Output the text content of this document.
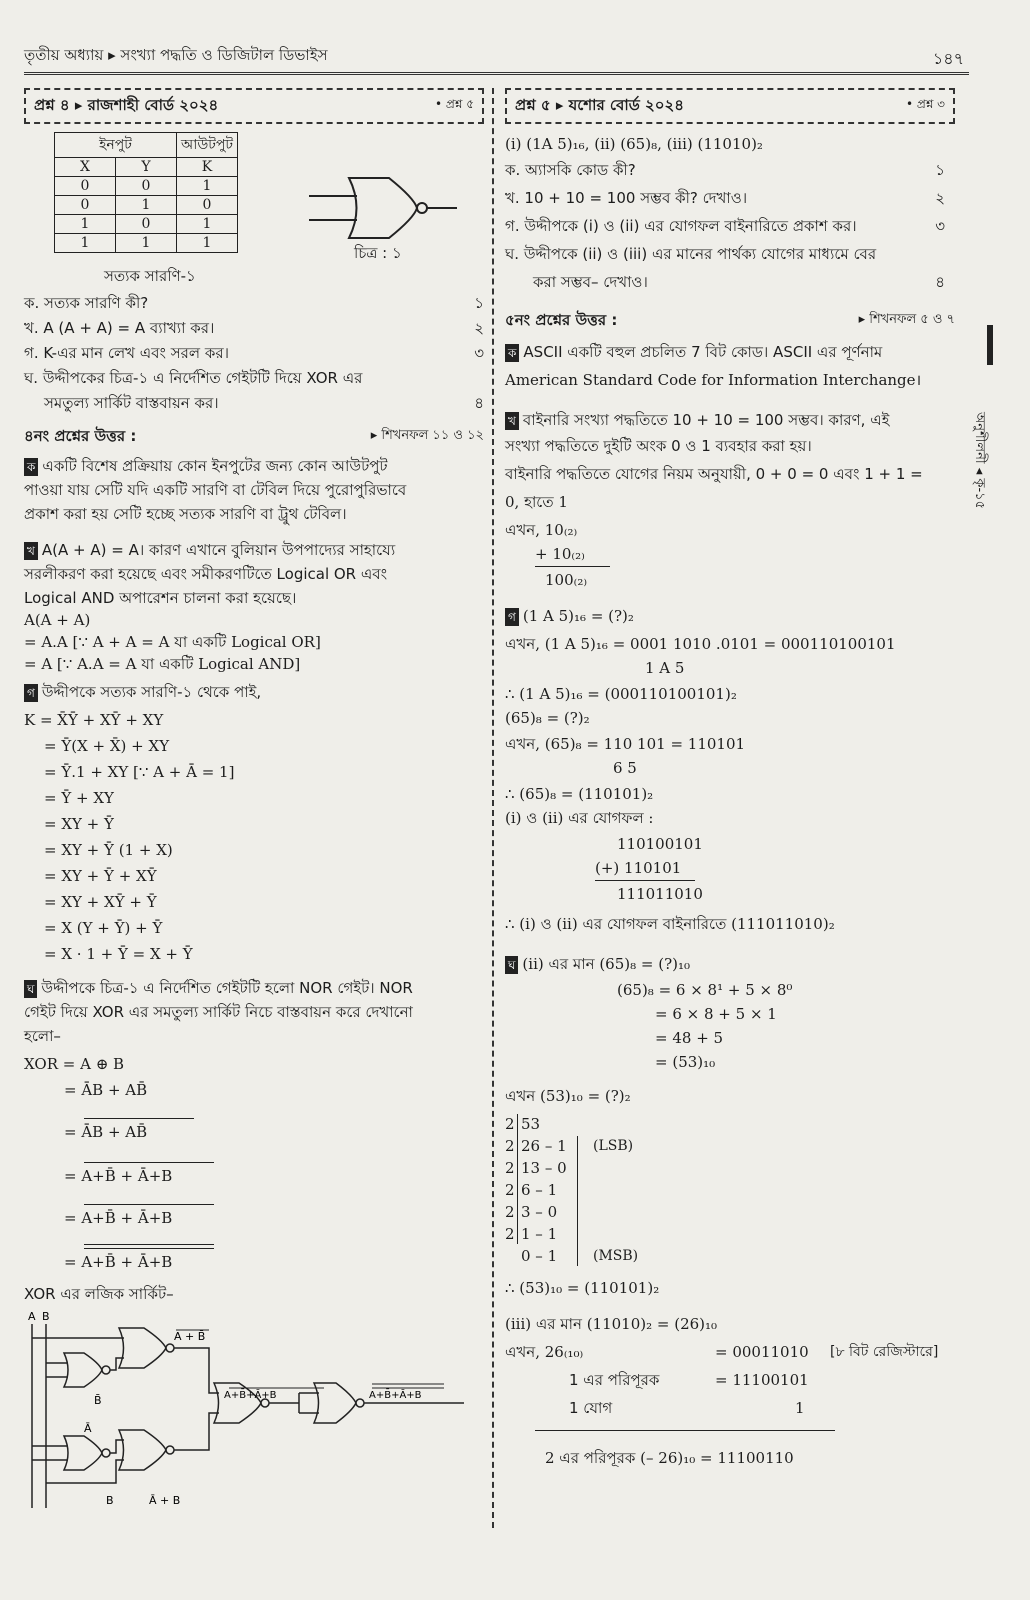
তৃতীয় অধ্যায় ▸ সংখ্যা পদ্ধতি ও ডিজিটাল ডিভাইস	১৪৭
অনুশীলনী ◂ কৃ-১৫
প্রশ্ন ৪ ▸ রাজশাহী বোর্ড ২০২৪	• প্রশ্ন ৫
ইনপুট		আউটপুট
X	Y	K
0	0	1
0	1	0
1	0	1
1	1	1
সত্যক সারণি-১
চিত্র : ১
ক. সত্যক সারণি কী?	১
খ. A (A + A) = A ব্যাখ্যা কর।	২
গ. K-এর মান লেখ এবং সরল কর।	৩
ঘ. উদ্দীপকের চিত্র-১ এ নির্দেশিত গেইটটি দিয়ে XOR এর
সমতুল্য সার্কিট বাস্তবায়ন কর।	৪
৪নং প্রশ্নের উত্তর :	▸ শিখনফল ১১ ও ১২
ক একটি বিশেষ প্রক্রিয়ায় কোন ইনপুটের জন্য কোন আউটপুট
পাওয়া যায় সেটি যদি একটি সারণি বা টেবিল দিয়ে পুরোপুরিভাবে
প্রকাশ করা হয় সেটি হচ্ছে সত্যক সারণি বা ট্রুথ টেবিল।
খ A(A + A) = A। কারণ এখানে বুলিয়ান উপপাদ্যের সাহায্যে
সরলীকরণ করা হয়েছে এবং সমীকরণটিতে Logical OR এবং
Logical AND অপারেশন চালনা করা হয়েছে।
A(A + A)
= A.A [∵ A + A = A যা একটি Logical OR]
= A [∵ A.A = A যা একটি Logical AND]
গ উদ্দীপকে সত্যক সারণি-১ থেকে পাই,
K = X̄Ȳ + XȲ + XY
= Ȳ(X + X̄) + XY
= Ȳ.1 + XY [∵ A + Ā = 1]
= Ȳ + XY
= XY + Ȳ
= XY + Ȳ (1 + X)
= XY + Ȳ + XȲ
= XY + XȲ + Ȳ
= X (Y + Ȳ) + Ȳ
= X · 1 + Ȳ = X + Ȳ
ঘ উদ্দীপকে চিত্র-১ এ নির্দেশিত গেইটটি হলো NOR গেইট। NOR
গেইট দিয়ে XOR এর সমতুল্য সার্কিট নিচে বাস্তবায়ন করে দেখানো
হলো–
XOR = A ⊕ B
= ĀB + AB̄
= ĀB + AB̄
= A+B̄ + Ā+B
= A+B̄ + Ā+B
= A+B̄ + Ā+B
XOR এর লজিক সার্কিট–
A B
B̄
A + B̄
Ā
B	Ā + B
A+B̄+Ā+B	A+B̄+Ā+B
প্রশ্ন ৫ ▸ যশোর বোর্ড ২০২৪	• প্রশ্ন ৩
(i) (1A 5)₁₆, (ii) (65)₈, (iii) (11010)₂
ক. অ্যাসকি কোড কী?	১
খ. 10 + 10 = 100 সম্ভব কী? দেখাও।	২
গ. উদ্দীপকে (i) ও (ii) এর যোগফল বাইনারিতে প্রকাশ কর।	৩
ঘ. উদ্দীপকে (ii) ও (iii) এর মানের পার্থক্য যোগের মাধ্যমে বের
করা সম্ভব– দেখাও।	৪
৫নং প্রশ্নের উত্তর :	▸ শিখনফল ৫ ও ৭
ক ASCII একটি বহুল প্রচলিত 7 বিট কোড। ASCII এর পূর্ণনাম
American Standard Code for Information Interchange।
খ বাইনারি সংখ্যা পদ্ধতিতে 10 + 10 = 100 সম্ভব। কারণ, এই
সংখ্যা পদ্ধতিতে দুইটি অংক 0 ও 1 ব্যবহার করা হয়।
বাইনারি পদ্ধতিতে যোগের নিয়ম অনুযায়ী, 0 + 0 = 0 এবং 1 + 1 =
0, হাতে 1
এখন, 10₍₂₎
+ 10₍₂₎
100₍₂₎
গ (1 A 5)₁₆ = (?)₂
এখন, (1 A 5)₁₆ = 0001 1010 .0101 = 000110100101
1 A 5
∴ (1 A 5)₁₆ = (000110100101)₂
(65)₈ = (?)₂
এখন, (65)₈ = 110 101 = 110101
6 5
∴ (65)₈ = (110101)₂
(i) ও (ii) এর যোগফল :
110100101
(+) 110101
111011010
∴ (i) ও (ii) এর যোগফল বাইনারিতে (111011010)₂
ঘ (ii) এর মান (65)₈ = (?)₁₀
(65)₈ = 6 × 8¹ + 5 × 8⁰
= 6 × 8 + 5 × 1
= 48 + 5
= (53)₁₀
এখন (53)₁₀ = (?)₂
2 53
2 26 – 1
2 13 – 0
2 6 – 1
2 3 – 0
2 1 – 1
0 – 1
(LSB)
(MSB)
∴ (53)₁₀ = (110101)₂
(iii) এর মান (11010)₂ = (26)₁₀
এখন, 26₍₁₀₎	= 00011010 [৮ বিট রেজিস্টারে]
1 এর পরিপূরক	= 11100101
1 যোগ	1
2 এর পরিপূরক (– 26)₁₀ = 11100110
